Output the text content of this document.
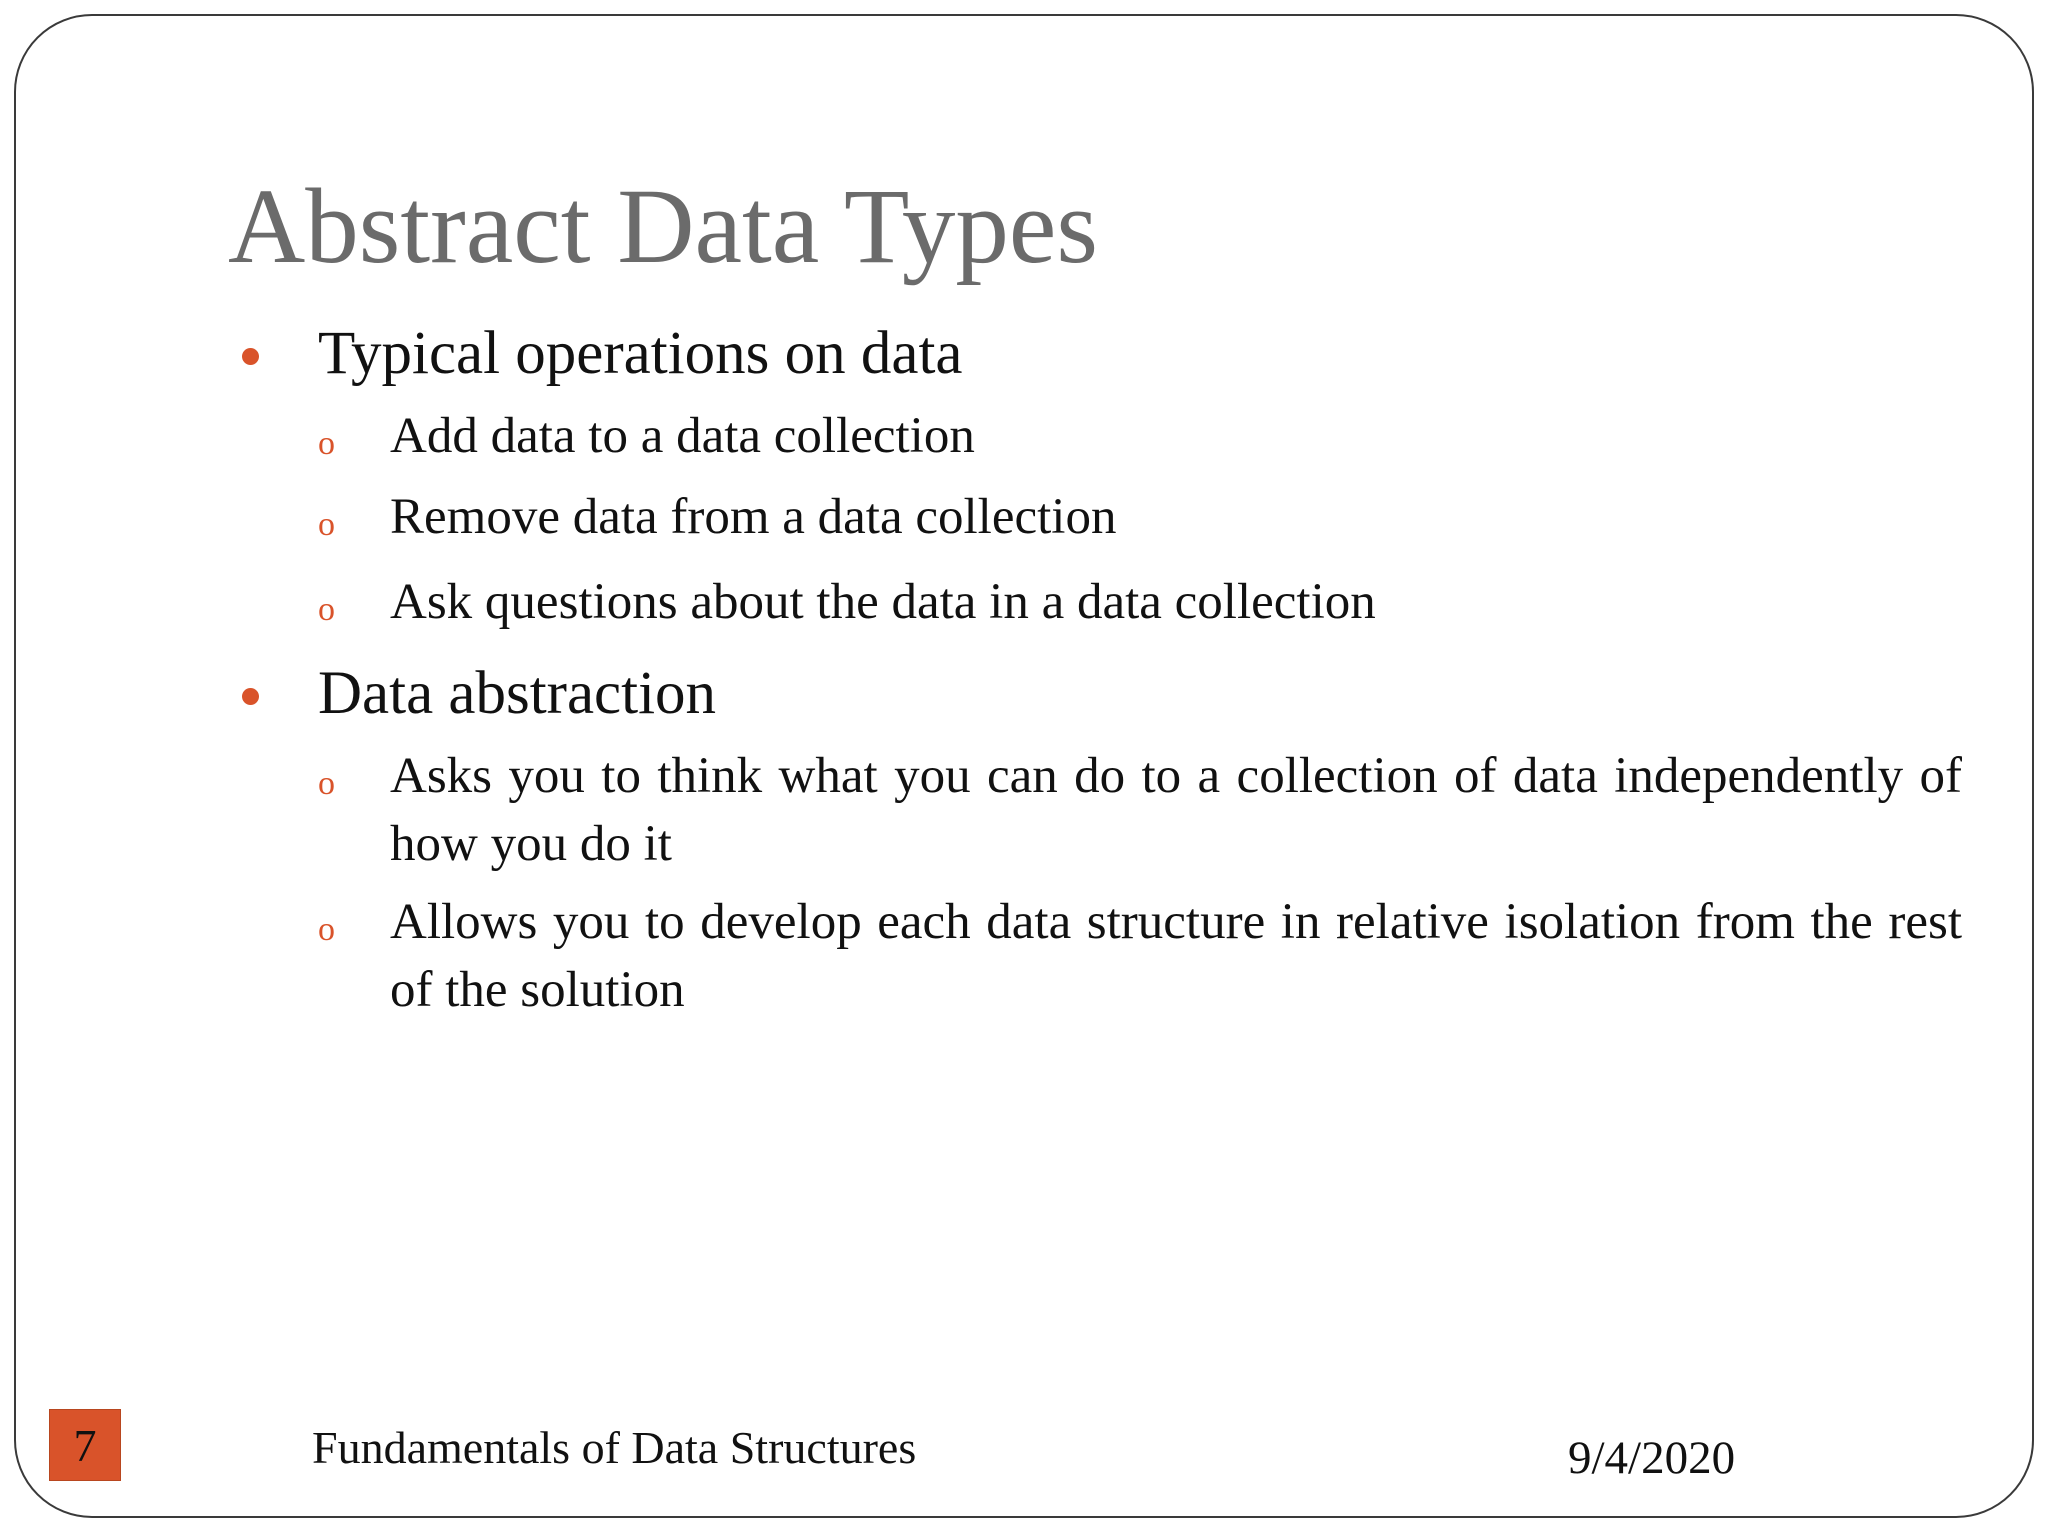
Abstract Data Types
Typical operations on data
o Add data to a data collection
o Remove data from a data collection
o Ask questions about the data in a data collection
Data abstraction
o Asks you to think what you can do to a collection of data independently of how you do it
o Allows you to develop each data structure in relative isolation from the rest of the solution
7	Fundamentals of Data Structures	9/4/2020
